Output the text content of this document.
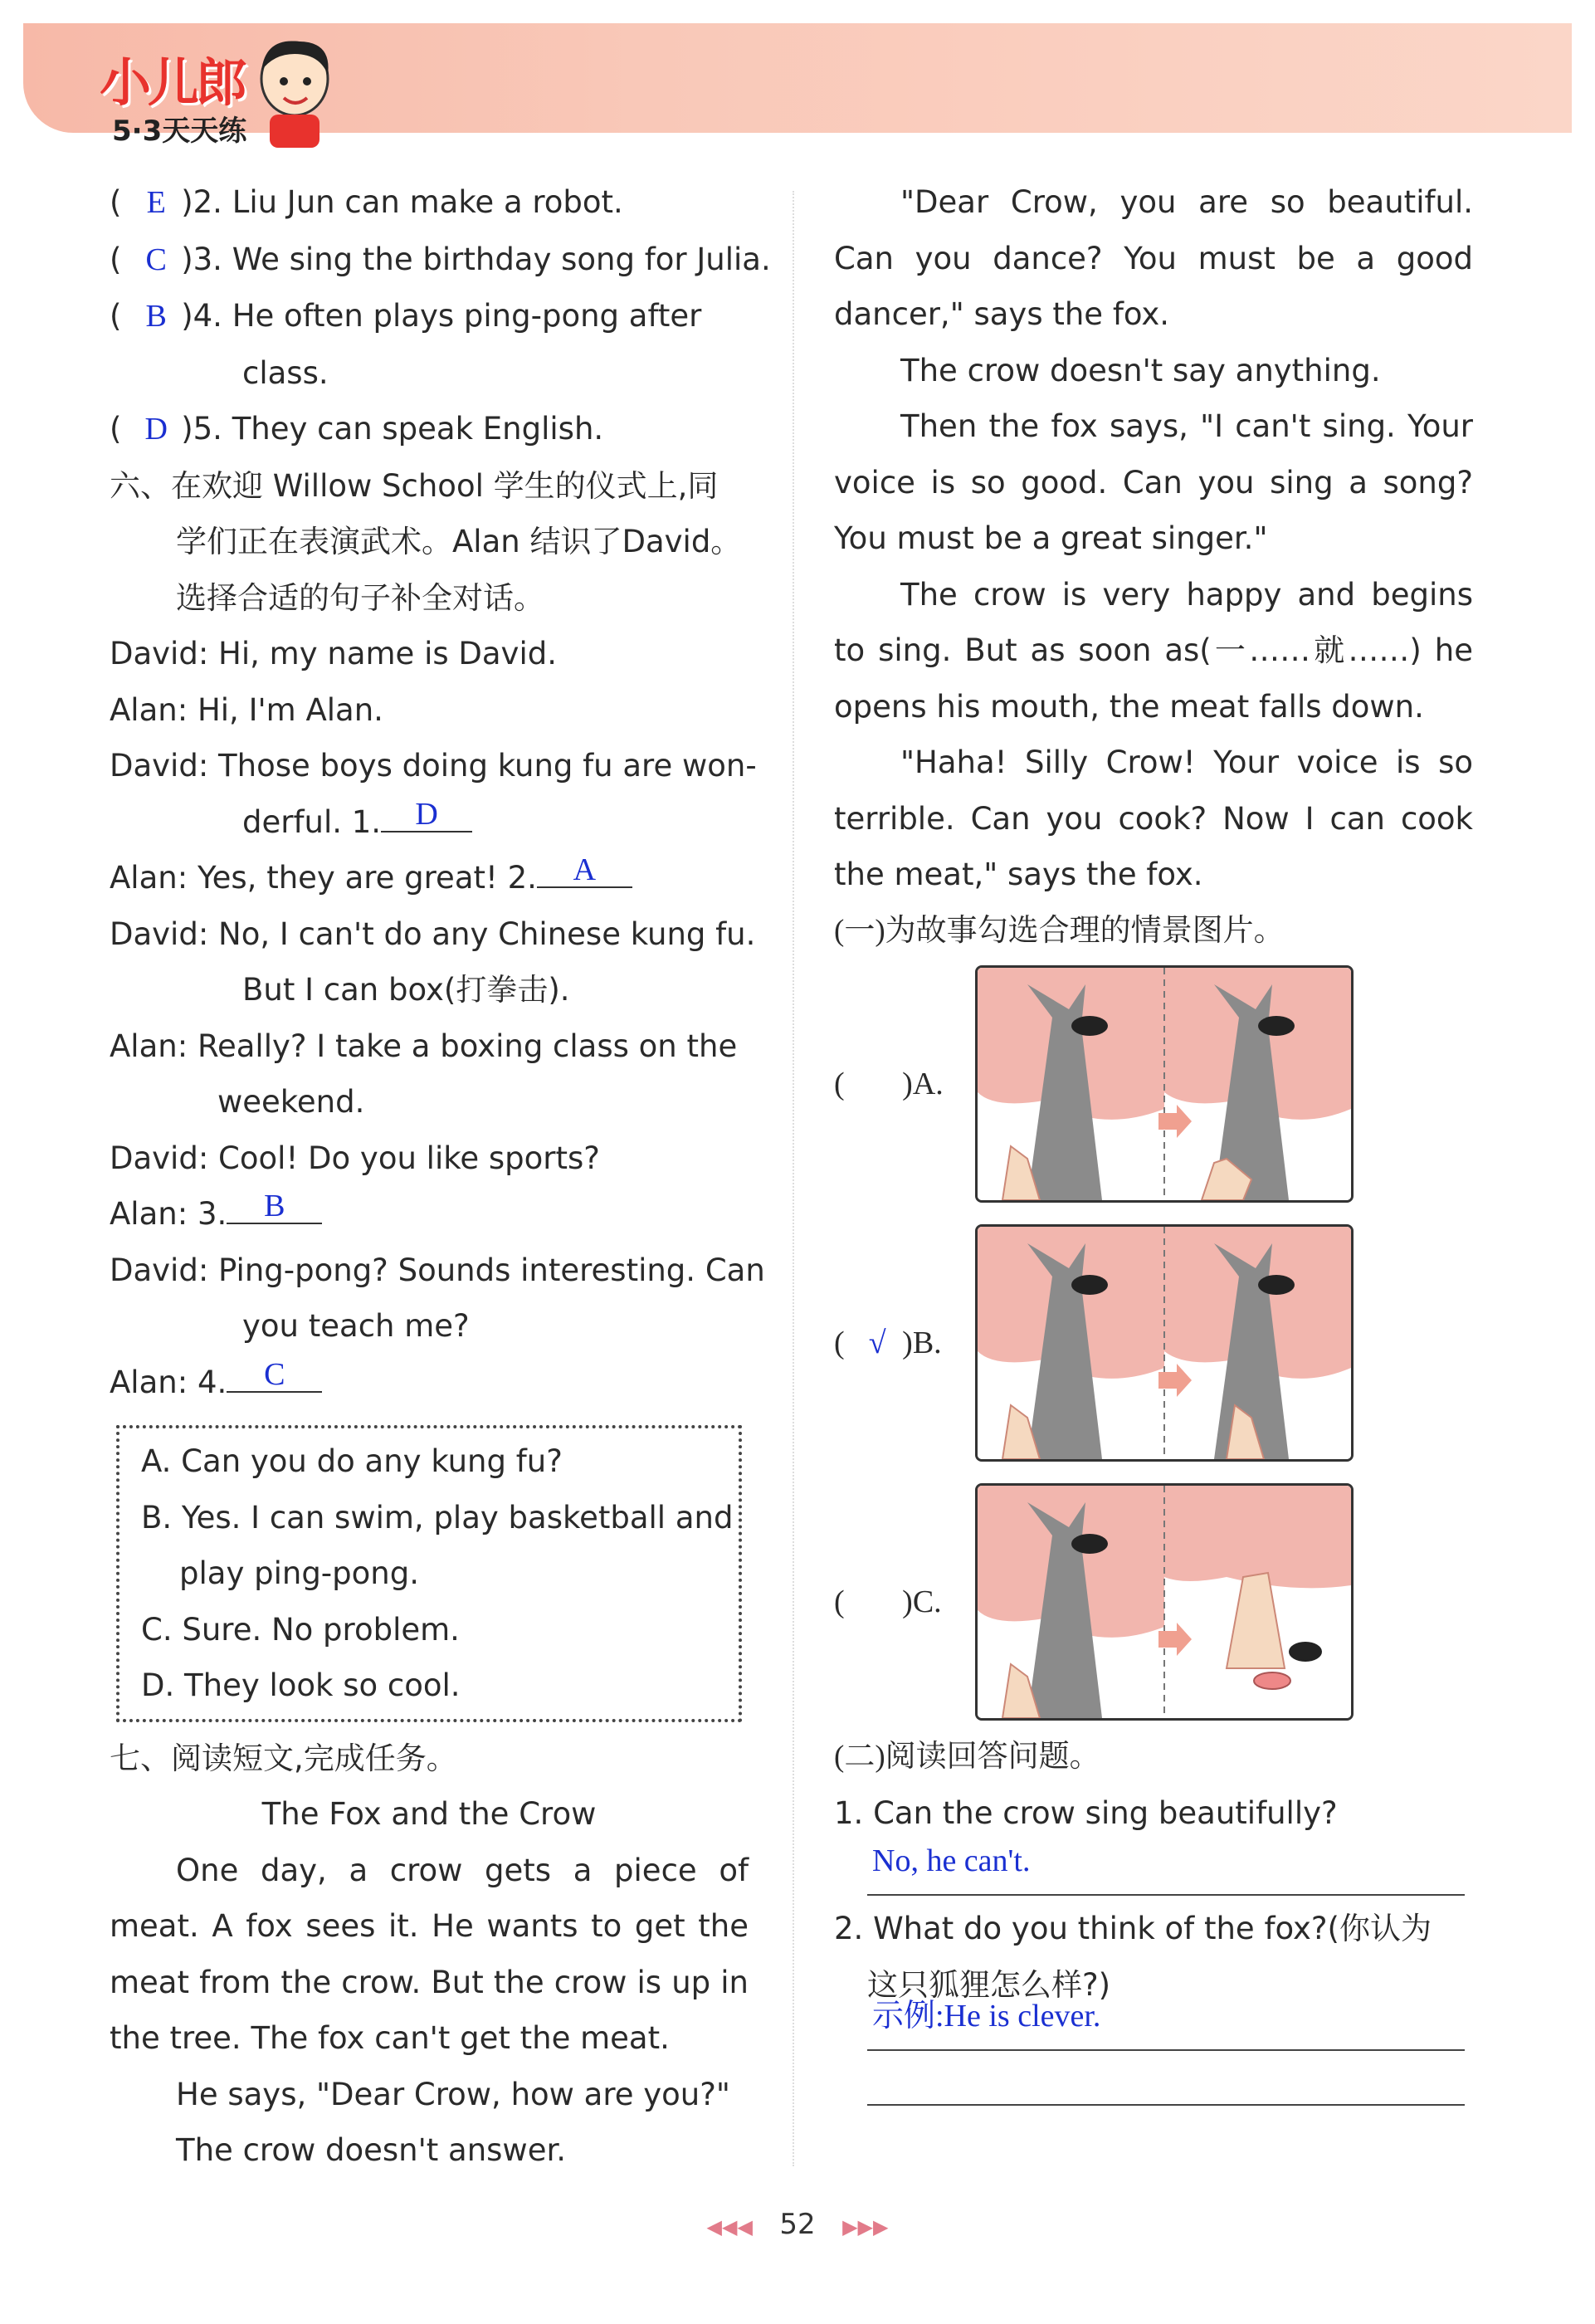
小儿郎
5·3天天练
( E )2. Liu Jun can make a robot.
( C )3. We sing the birthday song for Julia.
( B )4. He often plays ping-pong after
class.
( D )5. They can speak English.
六、在欢迎 Willow School 学生的仪式上,同
学们正在表演武术。Alan 结识了David。
选择合适的句子补全对话。
David: Hi, my name is David.
Alan: Hi, I'm Alan.
David: Those boys doing kung fu are won-
derful. 1. D
Alan: Yes, they are great! 2. A
David: No, I can't do any Chinese kung fu.
But I can box(打拳击).
Alan: Really? I take a boxing class on the
weekend.
David: Cool! Do you like sports?
Alan: 3. B
David: Ping-pong? Sounds interesting. Can
you teach me?
Alan: 4. C
A. Can you do any kung fu?
B. Yes. I can swim, play basketball and
play ping-pong.
C. Sure. No problem.
D. They look so cool.
七、阅读短文,完成任务。
The Fox and the Crow
One day, a crow gets a piece of meat. A fox sees it. He wants to get the meat from the crow. But the crow is up in the tree. The fox can't get the meat.
He says, "Dear Crow, how are you?"
The crow doesn't answer.
"Dear Crow, you are so beautiful. Can you dance? You must be a good dancer," says the fox.
The crow doesn't say anything.
Then the fox says, "I can't sing. Your voice is so good. Can you sing a song? You must be a great singer."
The crow is very happy and begins to sing. But as soon as(一……就……) he opens his mouth, the meat falls down.
"Haha! Silly Crow! Your voice is so terrible. Can you cook? Now I can cook the meat," says the fox.
(一)为故事勾选合理的情景图片。
( )A.
( √ )B.
( )C.
(二)阅读回答问题。
1. Can the crow sing beautifully?
No, he can't.
2. What do you think of the fox?(你认为
这只狐狸怎么样?)
示例:He is clever.
◀◀◀ 52 ▶▶▶
